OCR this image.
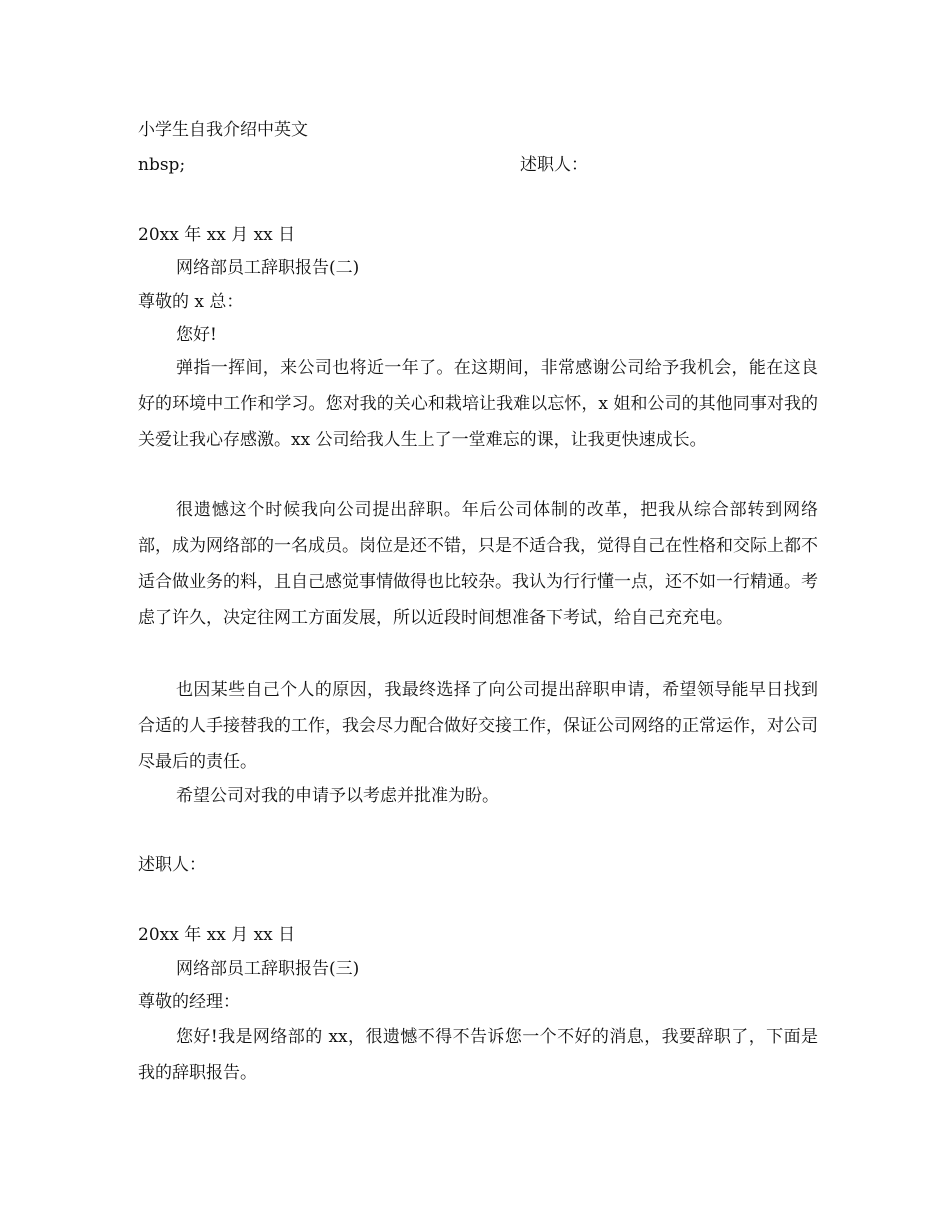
小学生自我介绍中英文
nbsp;	述职人：
20xx 年 xx 月 xx 日
网络部员工辞职报告(二)
尊敬的 x 总：
您好!
弹指一挥间，来公司也将近一年了。在这期间，非常感谢公司给予我机会，能在这良好的环境中工作和学习。您对我的关心和栽培让我难以忘怀，x 姐和公司的其他同事对我的关爱让我心存感激。xx 公司给我人生上了一堂难忘的课，让我更快速成长。
很遗憾这个时候我向公司提出辞职。年后公司体制的改革，把我从综合部转到网络部，成为网络部的一名成员。岗位是还不错，只是不适合我，觉得自己在性格和交际上都不适合做业务的料，且自己感觉事情做得也比较杂。我认为行行懂一点，还不如一行精通。考虑了许久，决定往网工方面发展，所以近段时间想准备下考试，给自己充充电。
也因某些自己个人的原因，我最终选择了向公司提出辞职申请，希望领导能早日找到合适的人手接替我的工作，我会尽力配合做好交接工作，保证公司网络的正常运作，对公司尽最后的责任。
希望公司对我的申请予以考虑并批准为盼。
述职人：
20xx 年 xx 月 xx 日
网络部员工辞职报告(三)
尊敬的经理：
您好!我是网络部的 xx，很遗憾不得不告诉您一个不好的消息，我要辞职了，下面是我的辞职报告。
